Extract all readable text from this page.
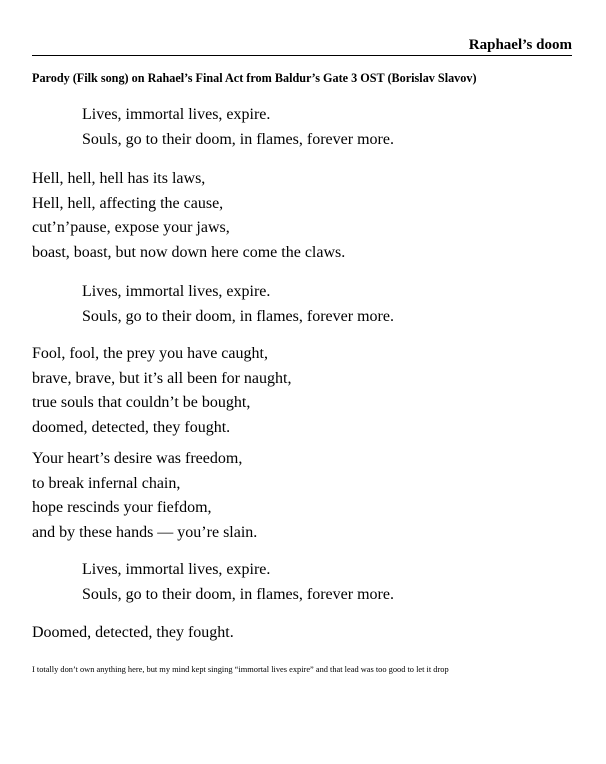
Raphael’s doom
Parody (Filk song) on Rahael’s Final Act from Baldur’s Gate 3 OST (Borislav Slavov)
Lives, immortal lives, expire.
Souls, go to their doom, in flames, forever more.
Hell, hell, hell has its laws,
Hell, hell, affecting the cause,
cut’n’pause, expose your jaws,
boast, boast, but now down here come the claws.
Lives, immortal lives, expire.
Souls, go to their doom, in flames, forever more.
Fool, fool, the prey you have caught,
brave, brave, but it’s all been for naught,
true souls that couldn’t be bought,
doomed, detected, they fought.
Your heart’s desire was freedom,
to break infernal chain,
hope rescinds your fiefdom,
and by these hands — you’re slain.
Lives, immortal lives, expire.
Souls, go to their doom, in flames, forever more.
Doomed, detected, they fought.
I totally don’t own anything here, but my mind kept singing “immortal lives expire” and that lead was too good to let it drop
